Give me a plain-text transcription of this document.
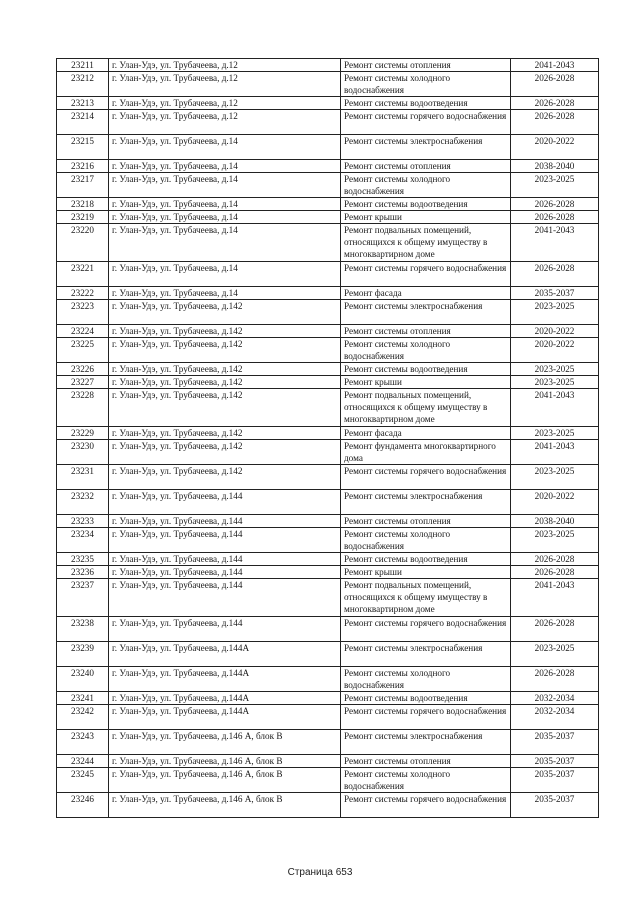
23211	г. Улан-Удэ, ул. Трубачеева, д.12	Ремонт системы отопления	2041-2043
23212	г. Улан-Удэ, ул. Трубачеева, д.12	Ремонт системы холодного водоснабжения	2026-2028
23213	г. Улан-Удэ, ул. Трубачеева, д.12	Ремонт системы водоотведения	2026-2028
23214	г. Улан-Удэ, ул. Трубачеева, д.12	Ремонт системы горячего водоснабжения	2026-2028
23215	г. Улан-Удэ, ул. Трубачеева, д.14	Ремонт системы электроснабжения	2020-2022
23216	г. Улан-Удэ, ул. Трубачеева, д.14	Ремонт системы отопления	2038-2040
23217	г. Улан-Удэ, ул. Трубачеева, д.14	Ремонт системы холодного водоснабжения	2023-2025
23218	г. Улан-Удэ, ул. Трубачеева, д.14	Ремонт системы водоотведения	2026-2028
23219	г. Улан-Удэ, ул. Трубачеева, д.14	Ремонт крыши	2026-2028
23220	г. Улан-Удэ, ул. Трубачеева, д.14	Ремонт подвальных помещений, относящихся к общему имуществу в многоквартирном доме	2041-2043
23221	г. Улан-Удэ, ул. Трубачеева, д.14	Ремонт системы горячего водоснабжения	2026-2028
23222	г. Улан-Удэ, ул. Трубачеева, д.14	Ремонт фасада	2035-2037
23223	г. Улан-Удэ, ул. Трубачеева, д.142	Ремонт системы электроснабжения	2023-2025
23224	г. Улан-Удэ, ул. Трубачеева, д.142	Ремонт системы отопления	2020-2022
23225	г. Улан-Удэ, ул. Трубачеева, д.142	Ремонт системы холодного водоснабжения	2020-2022
23226	г. Улан-Удэ, ул. Трубачеева, д.142	Ремонт системы водоотведения	2023-2025
23227	г. Улан-Удэ, ул. Трубачеева, д.142	Ремонт крыши	2023-2025
23228	г. Улан-Удэ, ул. Трубачеева, д.142	Ремонт подвальных помещений, относящихся к общему имуществу в многоквартирном доме	2041-2043
23229	г. Улан-Удэ, ул. Трубачеева, д.142	Ремонт фасада	2023-2025
23230	г. Улан-Удэ, ул. Трубачеева, д.142	Ремонт фундамента многоквартирного дома	2041-2043
23231	г. Улан-Удэ, ул. Трубачеева, д.142	Ремонт системы горячего водоснабжения	2023-2025
23232	г. Улан-Удэ, ул. Трубачеева, д.144	Ремонт системы электроснабжения	2020-2022
23233	г. Улан-Удэ, ул. Трубачеева, д.144	Ремонт системы отопления	2038-2040
23234	г. Улан-Удэ, ул. Трубачеева, д.144	Ремонт системы холодного водоснабжения	2023-2025
23235	г. Улан-Удэ, ул. Трубачеева, д.144	Ремонт системы водоотведения	2026-2028
23236	г. Улан-Удэ, ул. Трубачеева, д.144	Ремонт крыши	2026-2028
23237	г. Улан-Удэ, ул. Трубачеева, д.144	Ремонт подвальных помещений, относящихся к общему имуществу в многоквартирном доме	2041-2043
23238	г. Улан-Удэ, ул. Трубачеева, д.144	Ремонт системы горячего водоснабжения	2026-2028
23239	г. Улан-Удэ, ул. Трубачеева, д.144А	Ремонт системы электроснабжения	2023-2025
23240	г. Улан-Удэ, ул. Трубачеева, д.144А	Ремонт системы холодного водоснабжения	2026-2028
23241	г. Улан-Удэ, ул. Трубачеева, д.144А	Ремонт системы водоотведения	2032-2034
23242	г. Улан-Удэ, ул. Трубачеева, д.144А	Ремонт системы горячего водоснабжения	2032-2034
23243	г. Улан-Удэ, ул. Трубачеева, д.146 А, блок В	Ремонт системы электроснабжения	2035-2037
23244	г. Улан-Удэ, ул. Трубачеева, д.146 А, блок В	Ремонт системы отопления	2035-2037
23245	г. Улан-Удэ, ул. Трубачеева, д.146 А, блок В	Ремонт системы холодного водоснабжения	2035-2037
23246	г. Улан-Удэ, ул. Трубачеева, д.146 А, блок В	Ремонт системы горячего водоснабжения	2035-2037
Страница 653
